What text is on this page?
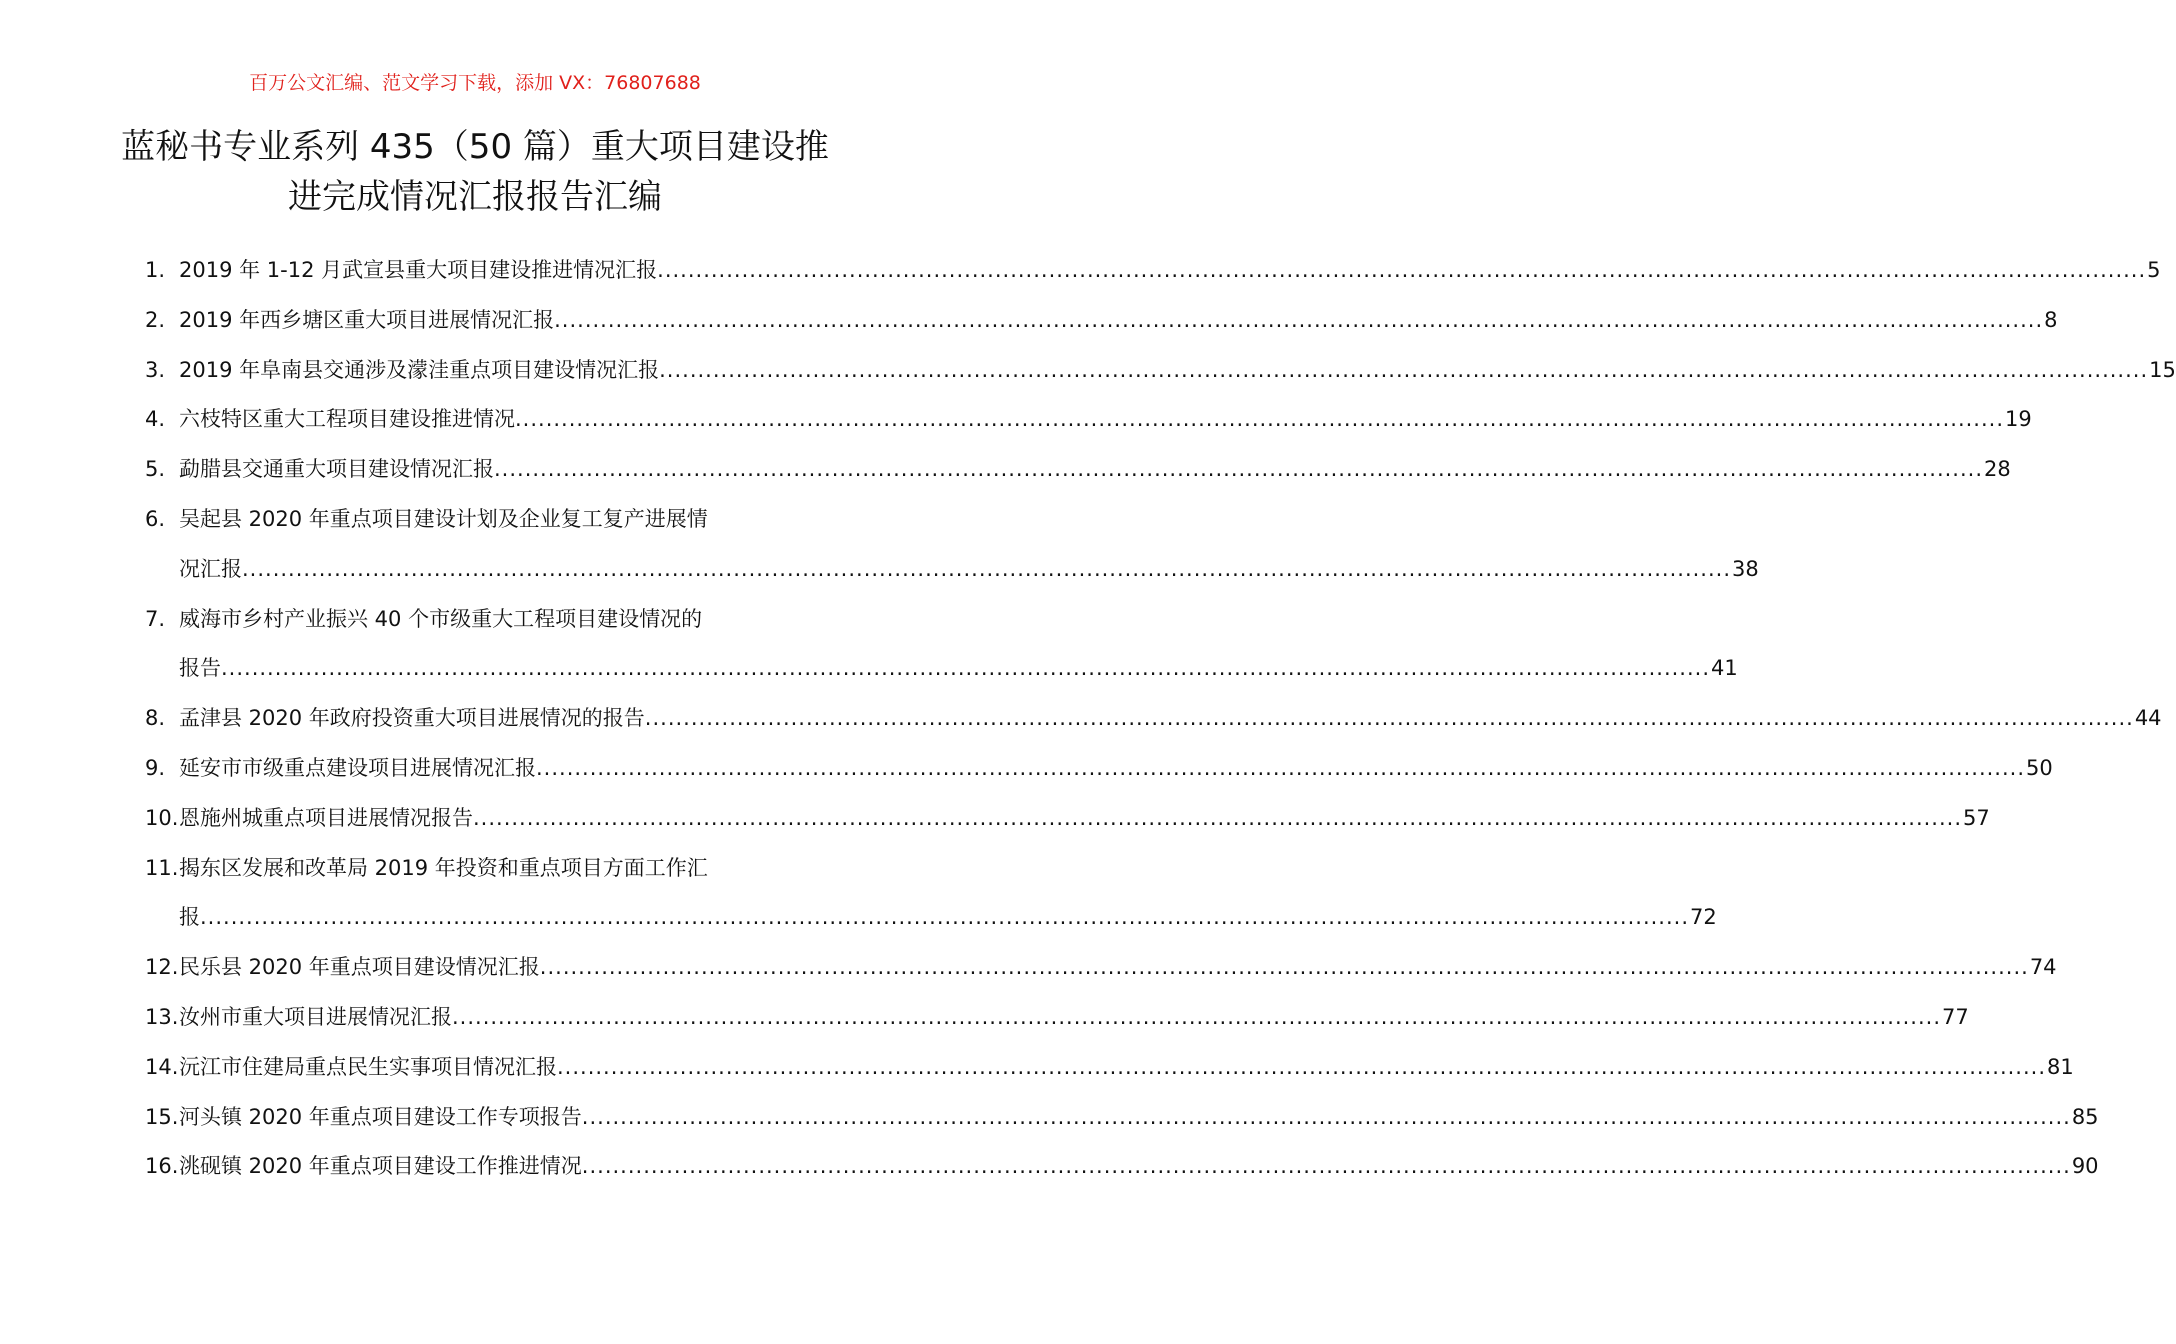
百万公文汇编、范文学习下载，添加 VX：76807688
蓝秘书专业系列 435（50 篇）重大项目建设推进完成情况汇报报告汇编
1. 2019 年 1-12 月武宣县重大项目建设推进情况汇报 .....	5
2. 2019 年西乡塘区重大项目进展情况汇报 .....	8
3. 2019 年阜南县交通涉及濛洼重点项目建设情况汇报 .....	15
4. 六枝特区重大工程项目建设推进情况 .....	19
5. 勐腊县交通重大项目建设情况汇报 .....	28
6. 吴起县 2020 年重点项目建设计划及企业复工复产进展情
况汇报 .....	38
7. 威海市乡村产业振兴 40 个市级重大工程项目建设情况的
报告 .....	41
8. 孟津县 2020 年政府投资重大项目进展情况的报告 .....	44
9. 延安市市级重点建设项目进展情况汇报 .....	50
10. 恩施州城重点项目进展情况报告 .....	57
11. 揭东区发展和改革局 2019 年投资和重点项目方面工作汇
报 .....	72
12. 民乐县 2020 年重点项目建设情况汇报 .....	74
13. 汝州市重大项目进展情况汇报 .....	77
14. 沅江市住建局重点民生实事项目情况汇报 .....	81
15. 河头镇 2020 年重点项目建设工作专项报告 .....	85
16. 洮砚镇 2020 年重点项目建设工作推进情况 .....	90
